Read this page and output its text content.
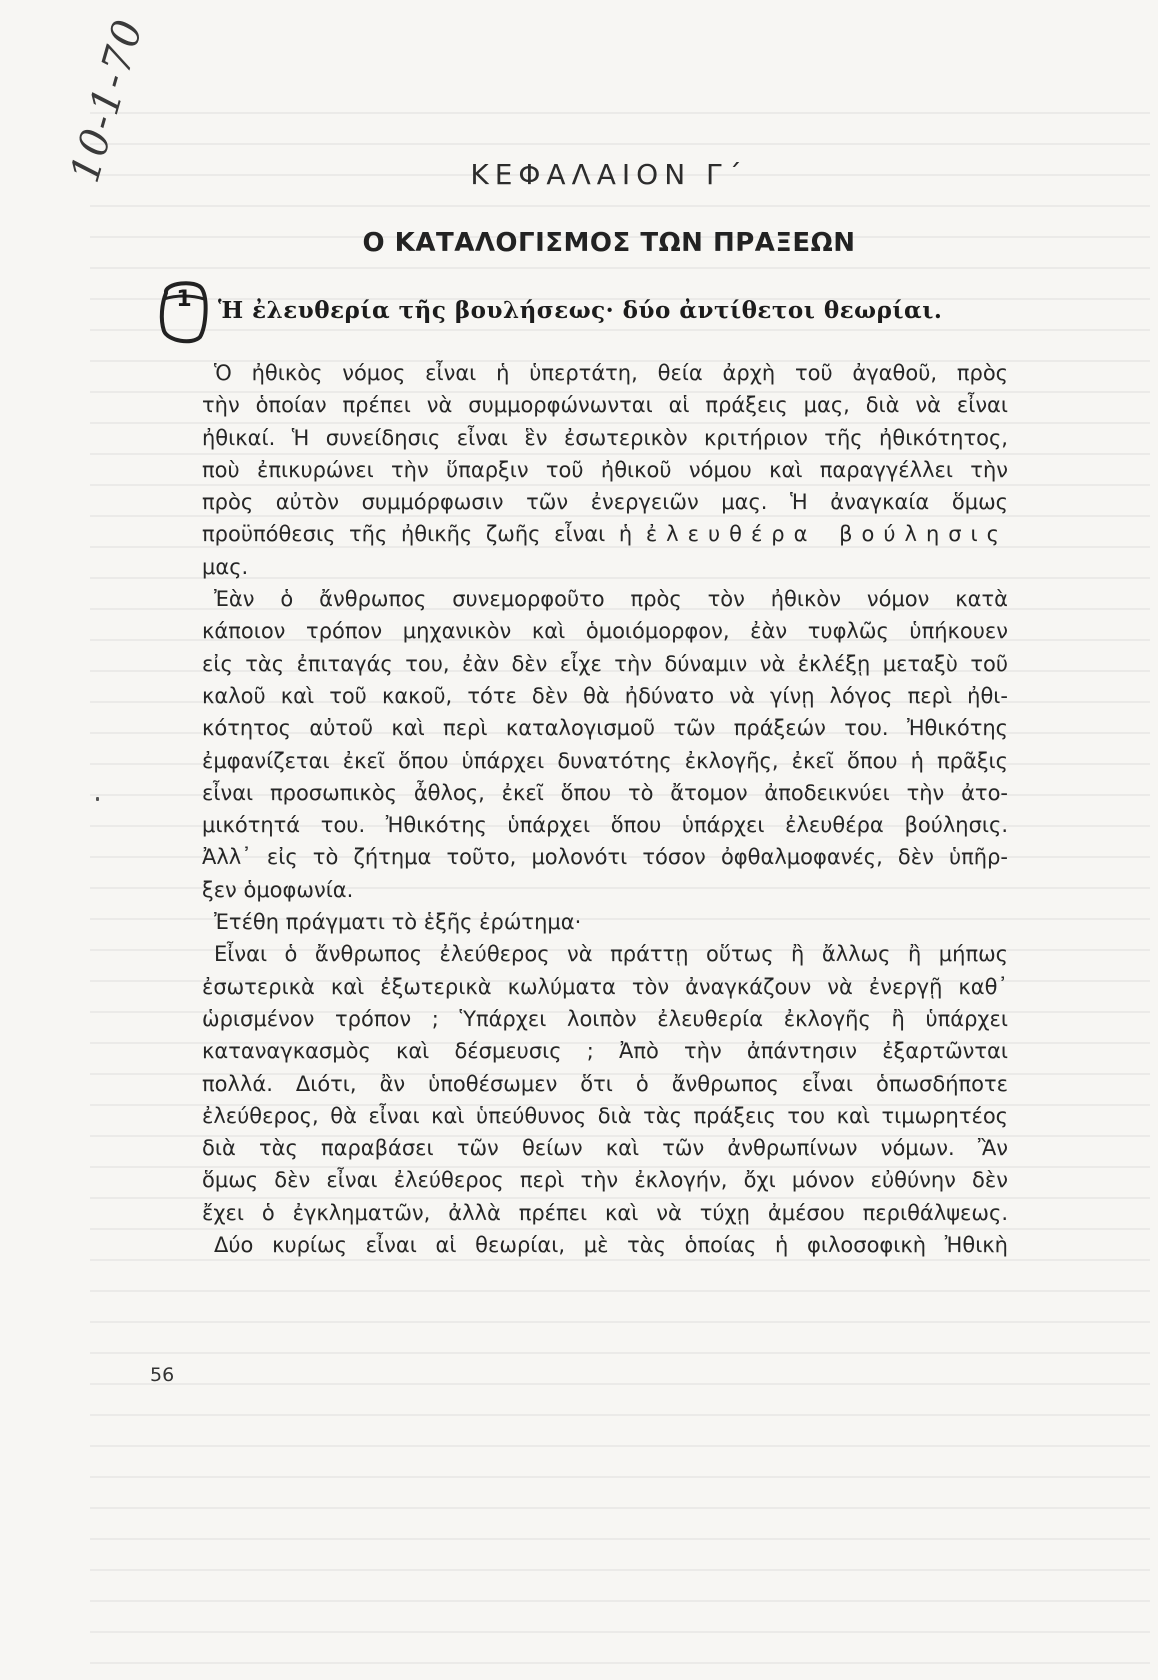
10-1-70	ΚΕΦΑΛΑΙΟΝ Γ΄
Ο ΚΑΤΑΛΟΓΙΣΜΟΣ ΤΩΝ ΠΡΑΞΕΩΝ
1	Ἡ ἐλευθερία τῆς βουλήσεως· δύο ἀντίθετοι θεωρίαι.

Ὁ ἠθικὸς νόμος εἶναι ἡ ὑπερτάτη, θεία ἀρχὴ τοῦ ἀγαθοῦ, πρὸς
τὴν ὁποίαν πρέπει νὰ συμμορφώνωνται αἱ πράξεις μας, διὰ νὰ εἶναι
ἠθικαί. Ἡ συνείδησις εἶναι ἓν ἐσωτερικὸν κριτήριον τῆς ἠθικότητος,
ποὺ ἐπικυρώνει τὴν ὕπαρξιν τοῦ ἠθικοῦ νόμου καὶ παραγγέλλει τὴν
πρὸς αὐτὸν συμμόρφωσιν τῶν ἐνεργειῶν μας. Ἡ ἀναγκαία ὅμως
προϋπόθεσις τῆς ἠθικῆς ζωῆς εἶναι ἡ ἐλευθέρα βούλησις
μας.

Ἐὰν ὁ ἄνθρωπος συνεμορφοῦτο πρὸς τὸν ἠθικὸν νόμον κατὰ
κάποιον τρόπον μηχανικὸν καὶ ὁμοιόμορφον, ἐὰν τυφλῶς ὑπήκουεν
εἰς τὰς ἐπιταγάς του, ἐὰν δὲν εἶχε τὴν δύναμιν νὰ ἐκλέξῃ μεταξὺ τοῦ
καλοῦ καὶ τοῦ κακοῦ, τότε δὲν θὰ ἠδύνατο νὰ γίνῃ λόγος περὶ ἠθι-
κότητος αὐτοῦ καὶ περὶ καταλογισμοῦ τῶν πράξεών του. Ἠθικότης
ἐμφανίζεται ἐκεῖ ὅπου ὑπάρχει δυνατότης ἐκλογῆς, ἐκεῖ ὅπου ἡ πρᾶξις
εἶναι προσωπικὸς ἆθλος, ἐκεῖ ὅπου τὸ ἄτομον ἀποδεικνύει τὴν ἀτο-
μικότητά του. Ἠθικότης ὑπάρχει ὅπου ὑπάρχει ἐλευθέρα βούλησις.
Ἀλλ᾽ εἰς τὸ ζήτημα τοῦτο, μολονότι τόσον ὀφθαλμοφανές, δὲν ὑπῆρ-
ξεν ὁμοφωνία.

Ἐτέθη πράγματι τὸ ἑξῆς ἐρώτημα·

Εἶναι ὁ ἄνθρωπος ἐλεύθερος νὰ πράττῃ οὕτως ἢ ἄλλως ἢ μήπως
ἐσωτερικὰ καὶ ἐξωτερικὰ κωλύματα τὸν ἀναγκάζουν νὰ ἐνεργῇ καθ᾽
ὡρισμένον τρόπον ; Ὑπάρχει λοιπὸν ἐλευθερία ἐκλογῆς ἢ ὑπάρχει
καταναγκασμὸς καὶ δέσμευσις ; Ἀπὸ τὴν ἀπάντησιν ἐξαρτῶνται
πολλά. Διότι, ἂν ὑποθέσωμεν ὅτι ὁ ἄνθρωπος εἶναι ὁπωσδήποτε
ἐλεύθερος, θὰ εἶναι καὶ ὑπεύθυνος διὰ τὰς πράξεις του καὶ τιμωρητέος
διὰ τὰς παραβάσει τῶν θείων καὶ τῶν ἀνθρωπίνων νόμων. Ἂν
ὅμως δὲν εἶναι ἐλεύθερος περὶ τὴν ἐκλογήν, ὄχι μόνον εὐθύνην δὲν
ἔχει ὁ ἐγκληματῶν, ἀλλὰ πρέπει καὶ νὰ τύχῃ ἀμέσου περιθάλψεως.

Δύο κυρίως εἶναι αἱ θεωρίαι, μὲ τὰς ὁποίας ἡ φιλοσοφικὴ Ἠθικὴ

56
